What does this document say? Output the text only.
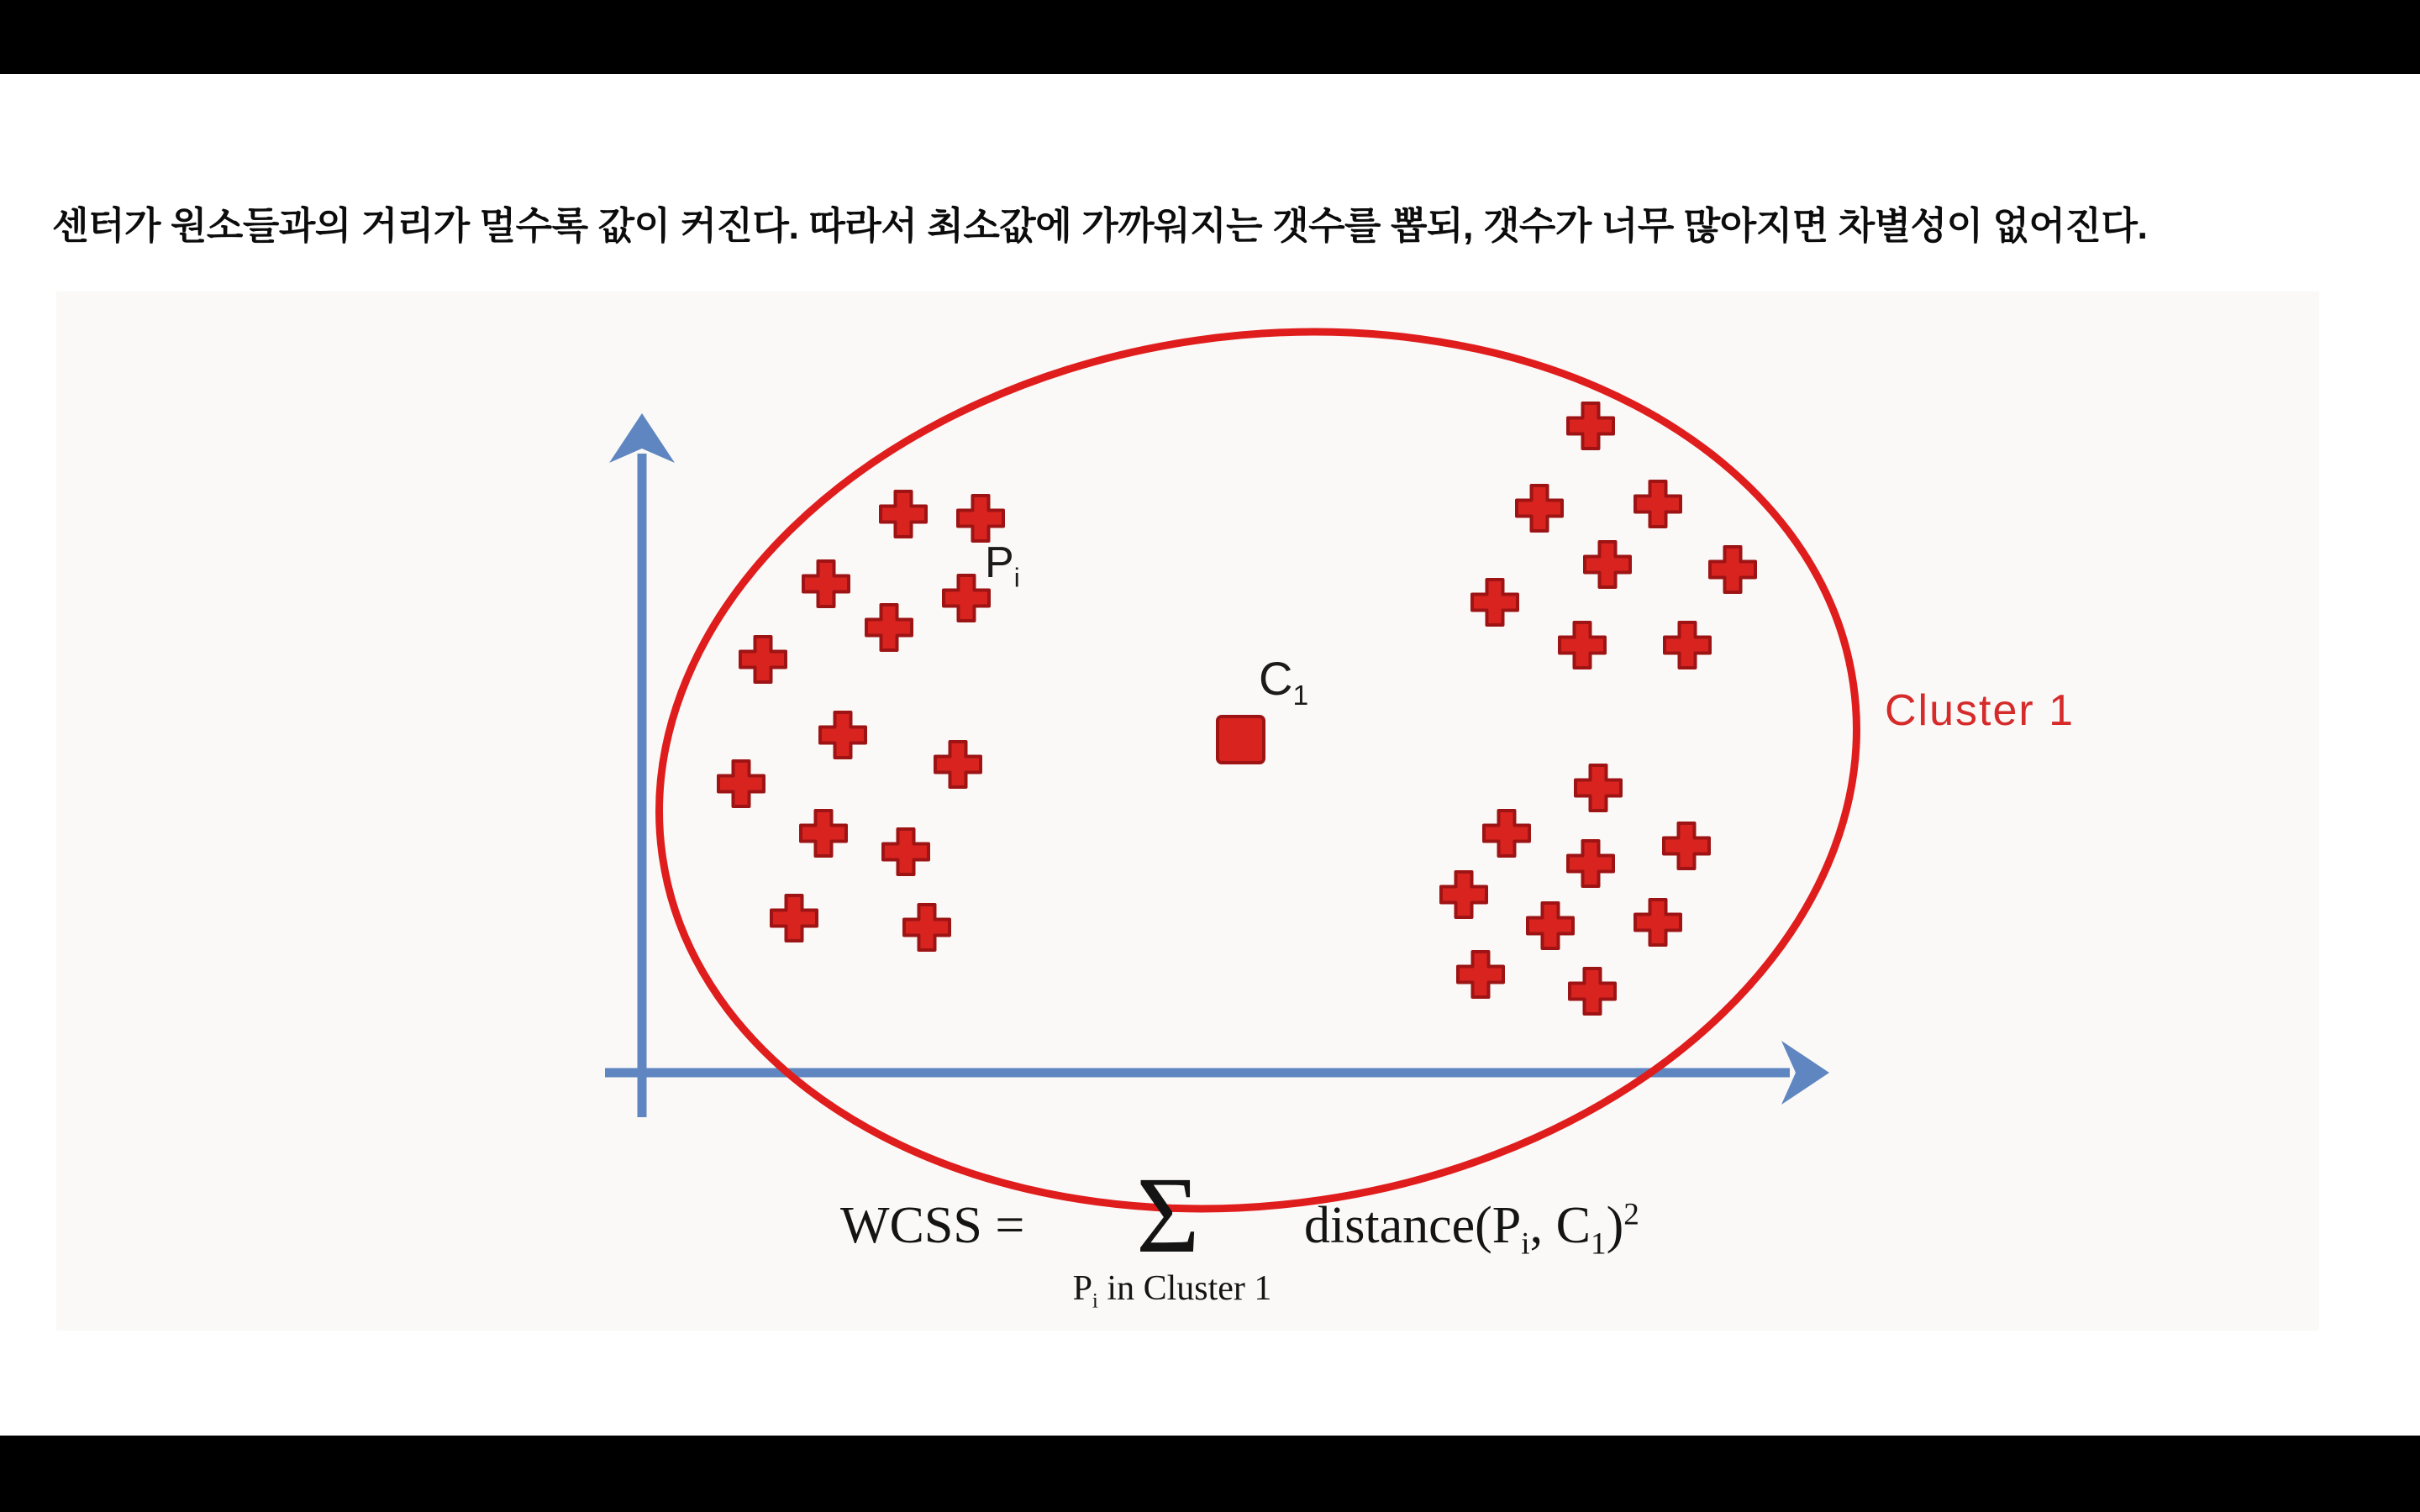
센터가 원소들과의 거리가 멀수록 값이 커진다. 따라서 최소값에 가까워지는 갯수를 뽑되, 갯수가 너무 많아지면 차별성이 없어진다.
$P_i$
$C_1$	Cluster 1
WCSS = Σ
$P_i$ in Cluster 1
$distance(P_i$, $C_1)^2$
